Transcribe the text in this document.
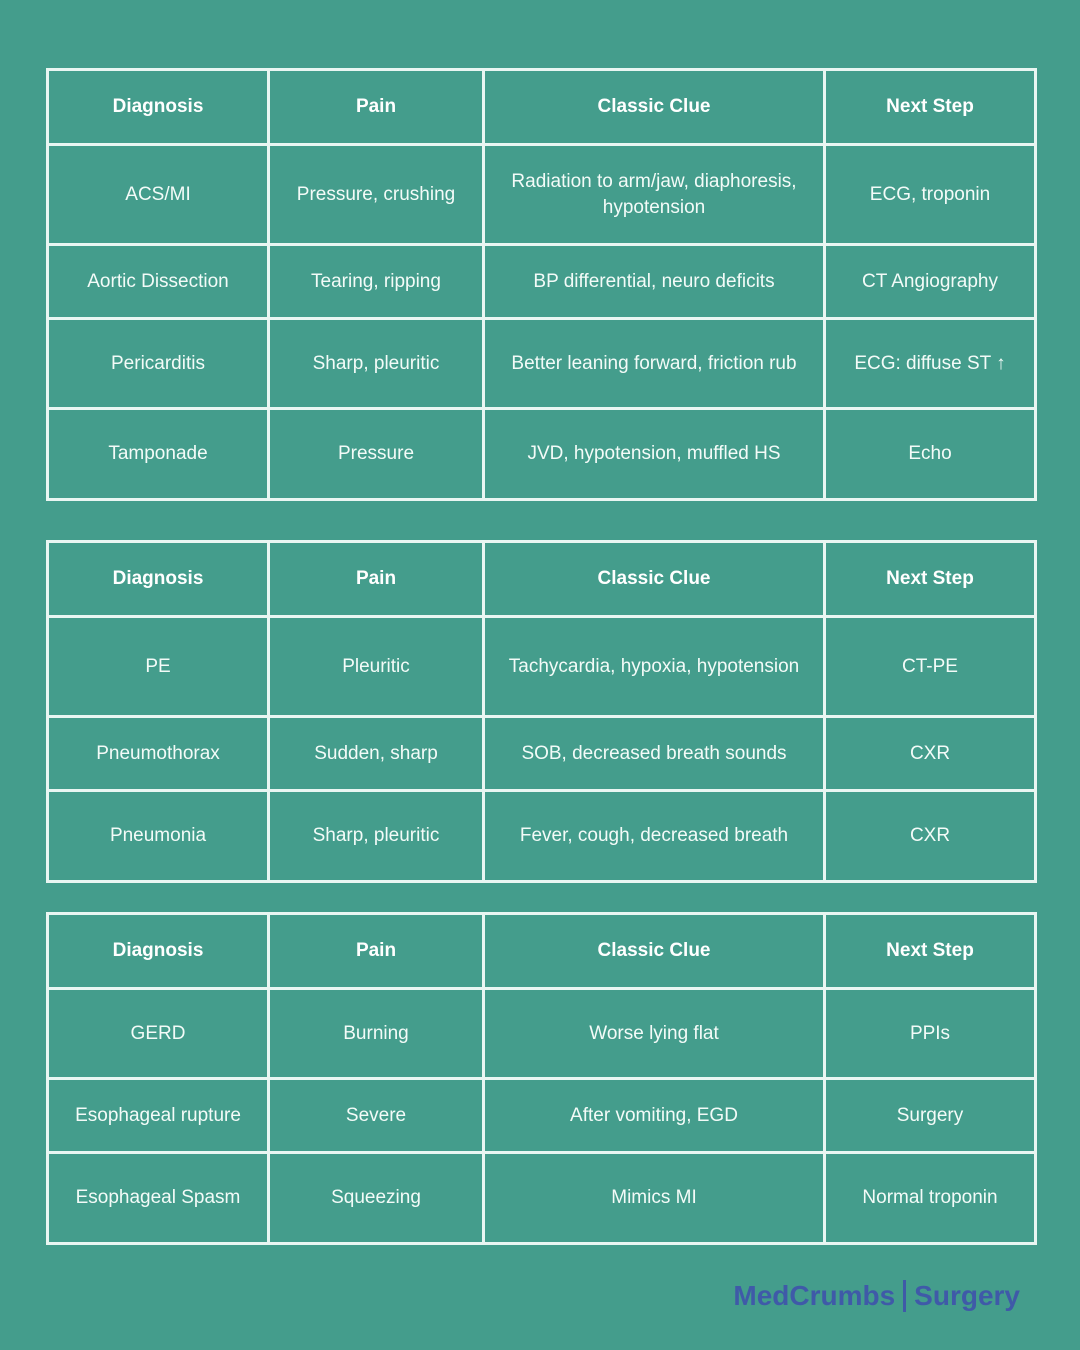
Diagnosis	Pain	Classic Clue	Next Step
ACS/MI	Pressure, crushing	Radiation to arm/jaw, diaphoresis, hypotension	ECG, troponin
Aortic Dissection	Tearing, ripping	BP differential, neuro deficits	CT Angiography
Pericarditis	Sharp, pleuritic	Better leaning forward, friction rub	ECG: diffuse ST ↑
Tamponade	Pressure	JVD, hypotension, muffled HS	Echo
Diagnosis	Pain	Classic Clue	Next Step
PE	Pleuritic	Tachycardia, hypoxia, hypotension	CT-PE
Pneumothorax	Sudden, sharp	SOB, decreased breath sounds	CXR
Pneumonia	Sharp, pleuritic	Fever, cough, decreased breath	CXR
Diagnosis	Pain	Classic Clue	Next Step
GERD	Burning	Worse lying flat	PPIs
Esophageal rupture	Severe	After vomiting, EGD	Surgery
Esophageal Spasm	Squeezing	Mimics MI	Normal troponin
MedCrumbs Surgery
